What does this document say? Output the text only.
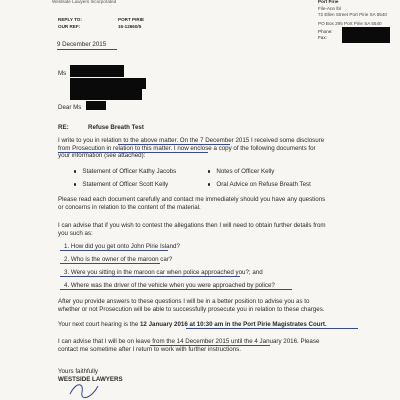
Westside Lawyers Incorporated
REPLY TO:	PORT PIRIE
OUR REF:	15-12660/5
Port Pirie
File-Ann lbl
72 Ellen Street Port Pirie SA 5540
PO Box 295 Port Pirie SA 5540
Phone:
Fax:
9 December 2015
Ms
Dear Ms
RE:	Refuse Breath Test
I write to you in relation to the above matter. On the 7 December 2015 I received some disclosure
from Prosecution in relation to this matter. I now enclose a copy of the following documents for
your information (see attached):
Statement of Officer Kathy Jacobs	Notes of Officer Kelly
Statement of Officer Scott Kelly	Oral Advice on Refuse Breath Test
Please read each document carefully and contact me immediately should you have any questions
or concerns in relation to the content of the material.
I can advise that if you wish to contest the allegations then I will need to obtain further details from
you such as:
1. How did you get onto John Pirie Island?
2. Who is the owner of the maroon car?
3. Were you sitting in the maroon car when police approached you?; and
4. Where was the driver of the vehicle when you were approached by police?
After you provide answers to these questions I will be in a better position to advise you as to
whether or not Prosecution will be able to successfully prosecute you in relation to these charges.
Your next court hearing is the 12 January 2016 at 10:30 am in the Port Pirie Magistrates Court.
I can advise that I will be on leave from the 14 December 2015 until the 4 January 2016. Please
contact me sometime after I return to work with further instructions.
Yours faithfully
WESTSIDE LAWYERS
